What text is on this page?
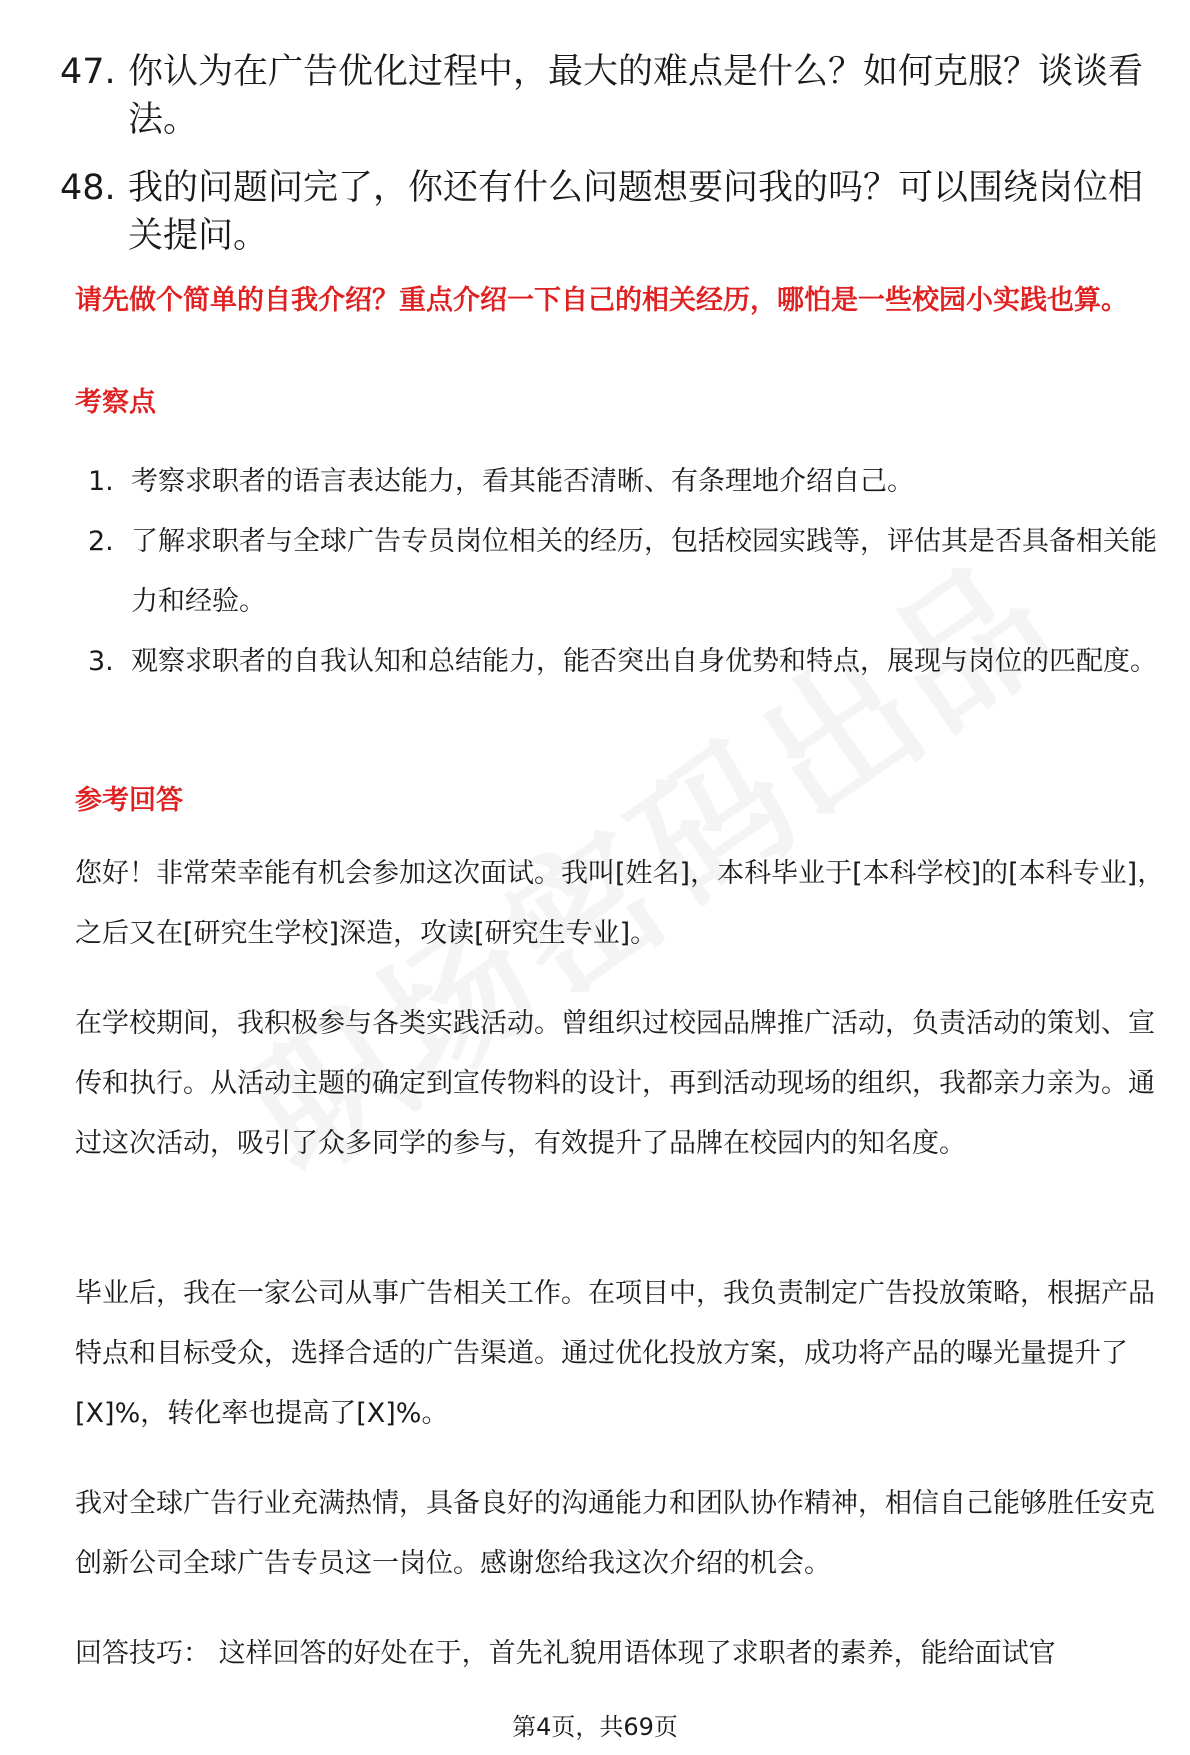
47. 你认为在广告优化过程中，最大的难点是什么？如何克服？谈谈看法。
48. 我的问题问完了，你还有什么问题想要问我的吗？可以围绕岗位相关提问。
请先做个简单的自我介绍？重点介绍一下自己的相关经历，哪怕是一些校园小实践也算。
考察点
1. 考察求职者的语言表达能力，看其能否清晰、有条理地介绍自己。
2. 了解求职者与全球广告专员岗位相关的经历，包括校园实践等，评估其是否具备相关能力和经验。
3. 观察求职者的自我认知和总结能力，能否突出自身优势和特点，展现与岗位的匹配度。
参考回答
您好！非常荣幸能有机会参加这次面试。我叫[姓名]，本科毕业于[本科学校]的[本科专业]，之后又在[研究生学校]深造，攻读[研究生专业]。
在学校期间，我积极参与各类实践活动。曾组织过校园品牌推广活动，负责活动的策划、宣传和执行。从活动主题的确定到宣传物料的设计，再到活动现场的组织，我都亲力亲为。通过这次活动，吸引了众多同学的参与，有效提升了品牌在校园内的知名度。
毕业后，我在一家公司从事广告相关工作。在项目中，我负责制定广告投放策略，根据产品特点和目标受众，选择合适的广告渠道。通过优化投放方案，成功将产品的曝光量提升了[X]%，转化率也提高了[X]%。
我对全球广告行业充满热情，具备良好的沟通能力和团队协作精神，相信自己能够胜任安克创新公司全球广告专员这一岗位。感谢您给我这次介绍的机会。
回答技巧： 这样回答的好处在于，首先礼貌用语体现了求职者的素养，能给面试官
第4页，共69页
